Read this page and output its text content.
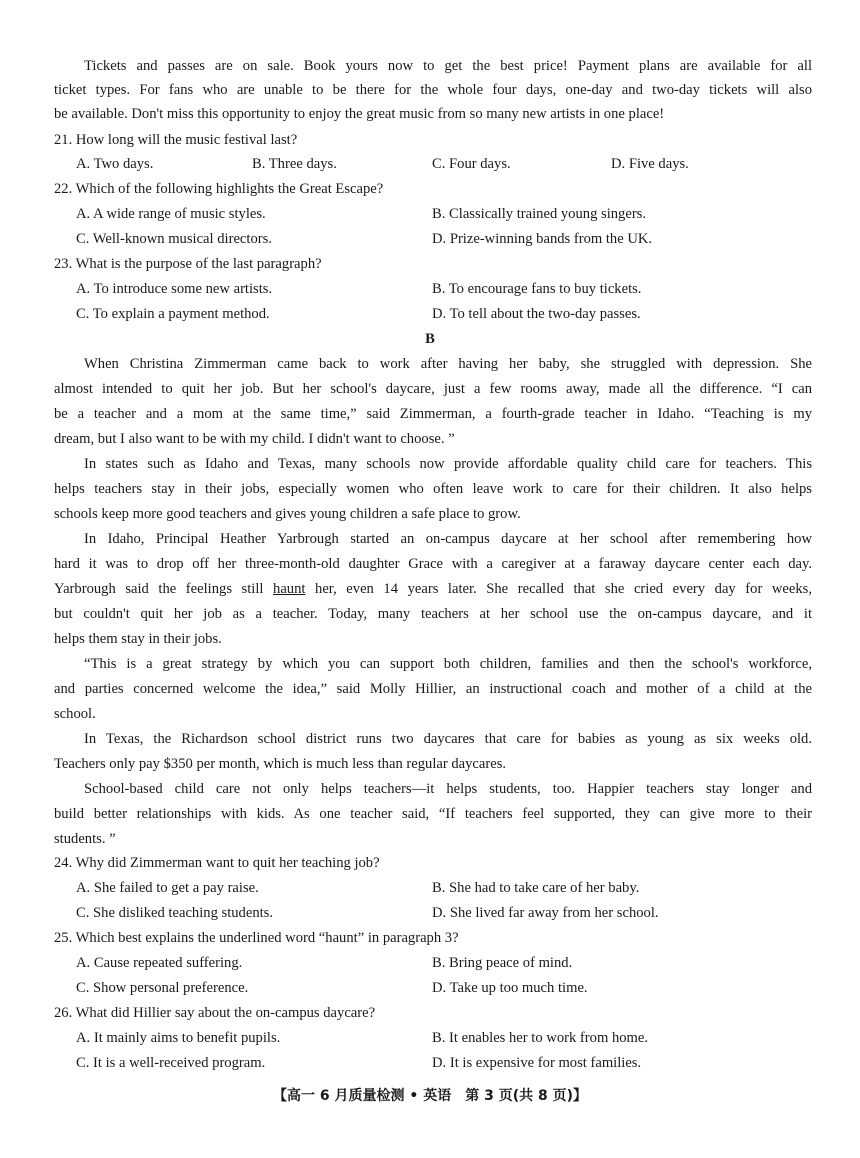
Tickets and passes are on sale. Book yours now to get the best price! Payment plans are available for all
ticket types. For fans who are unable to be there for the whole four days, one-day and two-day tickets will also
be available. Don't miss this opportunity to enjoy the great music from so many new artists in one place!
21. How long will the music festival last?
A. Two days.	B. Three days.	C. Four days.	D. Five days.
22. Which of the following highlights the Great Escape?
A. A wide range of music styles.	B. Classically trained young singers.
C. Well-known musical directors.	D. Prize-winning bands from the UK.
23. What is the purpose of the last paragraph?
A. To introduce some new artists.	B. To encourage fans to buy tickets.
C. To explain a payment method.	D. To tell about the two-day passes.
B
When Christina Zimmerman came back to work after having her baby, she struggled with depression. She
almost intended to quit her job. But her school's daycare, just a few rooms away, made all the difference. “I can
be a teacher and a mom at the same time,” said Zimmerman, a fourth-grade teacher in Idaho. “Teaching is my
dream, but I also want to be with my child. I didn't want to choose. ”
In states such as Idaho and Texas, many schools now provide affordable quality child care for teachers. This
helps teachers stay in their jobs, especially women who often leave work to care for their children. It also helps
schools keep more good teachers and gives young children a safe place to grow.
In Idaho, Principal Heather Yarbrough started an on-campus daycare at her school after remembering how
hard it was to drop off her three-month-old daughter Grace with a caregiver at a faraway daycare center each day.
Yarbrough said the feelings still haunt her, even 14 years later. She recalled that she cried every day for weeks,
but couldn't quit her job as a teacher. Today, many teachers at her school use the on-campus daycare, and it
helps them stay in their jobs.
“This is a great strategy by which you can support both children, families and then the school's workforce,
and parties concerned welcome the idea,” said Molly Hillier, an instructional coach and mother of a child at the
school.
In Texas, the Richardson school district runs two daycares that care for babies as young as six weeks old.
Teachers only pay $350 per month, which is much less than regular daycares.
School-based child care not only helps teachers—it helps students, too. Happier teachers stay longer and
build better relationships with kids. As one teacher said, “If teachers feel supported, they can give more to their
students. ”
24. Why did Zimmerman want to quit her teaching job?
A. She failed to get a pay raise.	B. She had to take care of her baby.
C. She disliked teaching students.	D. She lived far away from her school.
25. Which best explains the underlined word “haunt” in paragraph 3?
A. Cause repeated suffering.	B. Bring peace of mind.
C. Show personal preference.	D. Take up too much time.
26. What did Hillier say about the on-campus daycare?
A. It mainly aims to benefit pupils.	B. It enables her to work from home.
C. It is a well-received program.	D. It is expensive for most families.
【高一 6 月质量检测 • 英语　第 3 页(共 8 页)】
